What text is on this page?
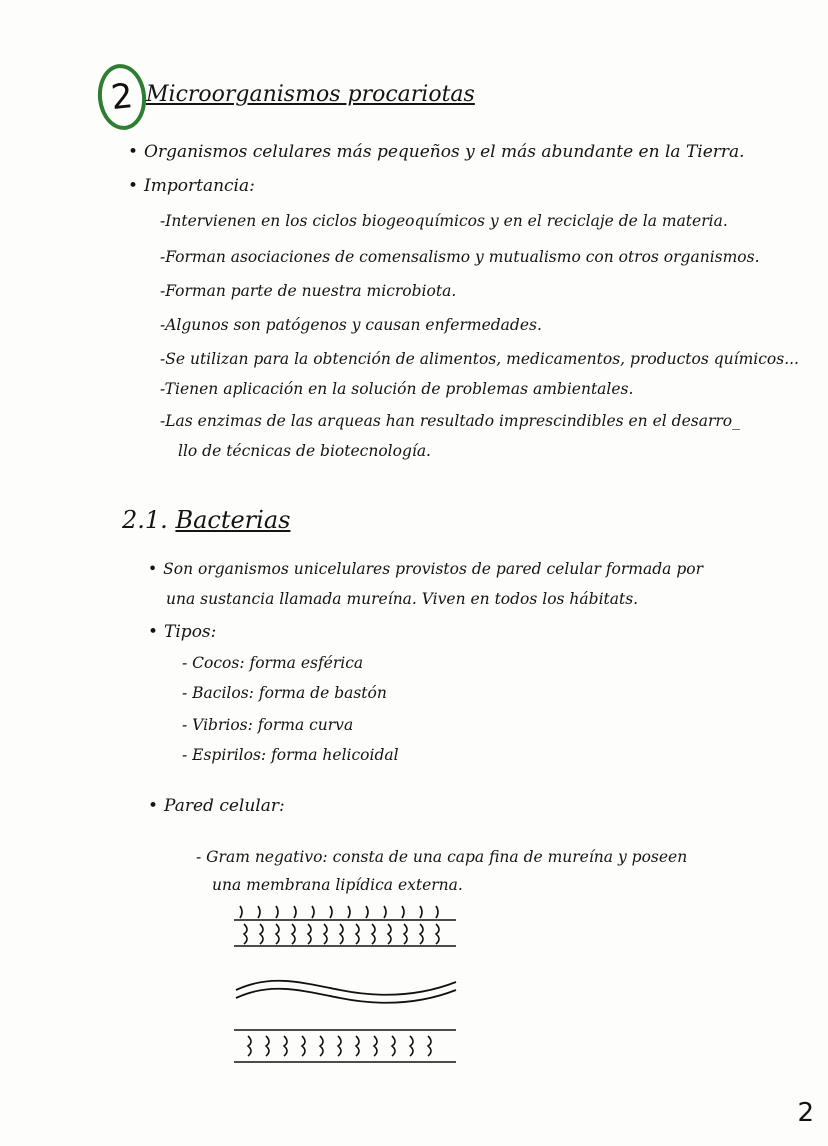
2 Microorganismos procariotas
• Organismos celulares más pequeños y el más abundante en la Tierra.
• Importancia:
-Intervienen en los ciclos biogeoquímicos y en el reciclaje de la materia.
-Forman asociaciones de comensalismo y mutualismo con otros organismos.
-Forman parte de nuestra microbiota.
-Algunos son patógenos y causan enfermedades.
-Se utilizan para la obtención de alimentos, medicamentos, productos químicos...
-Tienen aplicación en la solución de problemas ambientales.
-Las enzimas de las arqueas han resultado imprescindibles en el desarro_
llo de técnicas de biotecnología.
2.1. Bacterias
• Son organismos unicelulares provistos de pared celular formada por
una sustancia llamada mureína. Viven en todos los hábitats.
• Tipos:
- Cocos: forma esférica
- Bacilos: forma de bastón
- Vibrios: forma curva
- Espirilos: forma helicoidal
• Pared celular:
- Gram negativo: consta de una capa fina de mureína y poseen
una membrana lipídica externa.
2
